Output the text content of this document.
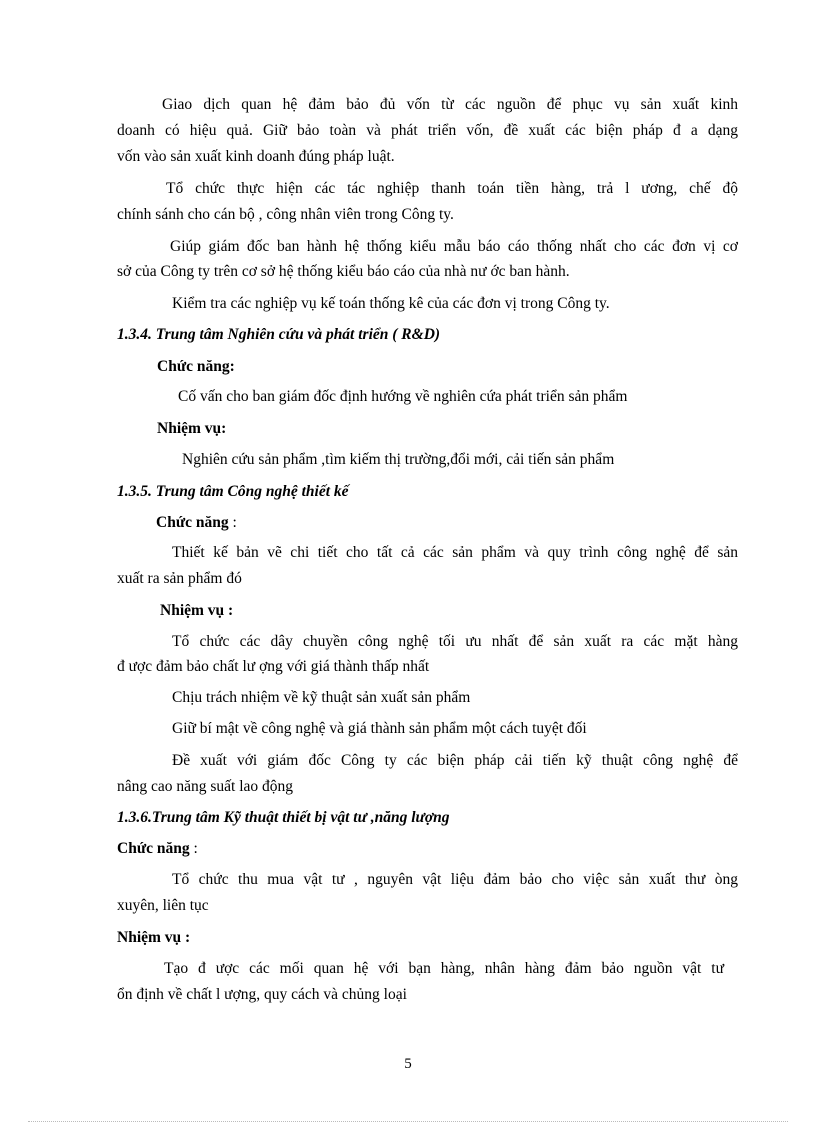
Giao dịch quan hệ đảm bảo đủ vốn từ các nguồn để phục vụ sản xuất kinh
doanh có hiệu quả. Giữ bảo toàn và phát triển vốn, đề xuất các biện pháp đ a dạng
vốn vào sản xuất kinh doanh đúng pháp luật.
Tổ chức thực hiện các tác nghiệp thanh toán tiền hàng, trả l ương, chế độ
chính sánh cho cán bộ , công nhân viên trong Công ty.
Giúp giám đốc ban hành hệ thống kiểu mẫu báo cáo thống nhất cho các đơn vị cơ
sở của Công ty trên cơ sở hệ thống kiểu báo cáo của nhà nư ớc ban hành.
Kiểm tra các nghiệp vụ kế toán thống kê của các đơn vị trong Công ty.
1.3.4. Trung tâm Nghiên cứu và phát triển ( R&D)
Chức năng:
Cố vấn cho ban giám đốc định hướng về nghiên cứa phát triển sản phẩm
Nhiệm vụ:
Nghiên cứu sản phẩm ,tìm kiếm thị trường,đổi mới, cải tiến sản phẩm
1.3.5. Trung tâm Công nghệ thiết kế
Chức năng :
Thiết kế bản vẽ chi tiết cho tất cả các sản phẩm và quy trình công nghệ để sản
xuất ra sản phẩm đó
Nhiệm vụ :
Tổ chức các dây chuyền công nghệ tối ưu nhất để sản xuất ra các mặt hàng
đ ược đảm bảo chất lư ợng với giá thành thấp nhất
Chịu trách nhiệm về kỹ thuật sản xuất sản phẩm
Giữ bí mật về công nghệ và giá thành sản phẩm một cách tuyệt đối
Đề xuất với giám đốc Công ty các biện pháp cải tiến kỹ thuật công nghệ để
nâng cao năng suất lao động
1.3.6.Trung tâm Kỹ thuật thiết bị vật tư ,năng lượng
Chức năng :
Tổ chức thu mua vật tư , nguyên vật liệu đảm bảo cho việc sản xuất thư òng
xuyên, liên tục
Nhiệm vụ :
Tạo đ ược các mối quan hệ với bạn hàng, nhân hàng đảm bảo nguồn vật tư
ổn định về chất l ượng, quy cách và chủng loại
5
